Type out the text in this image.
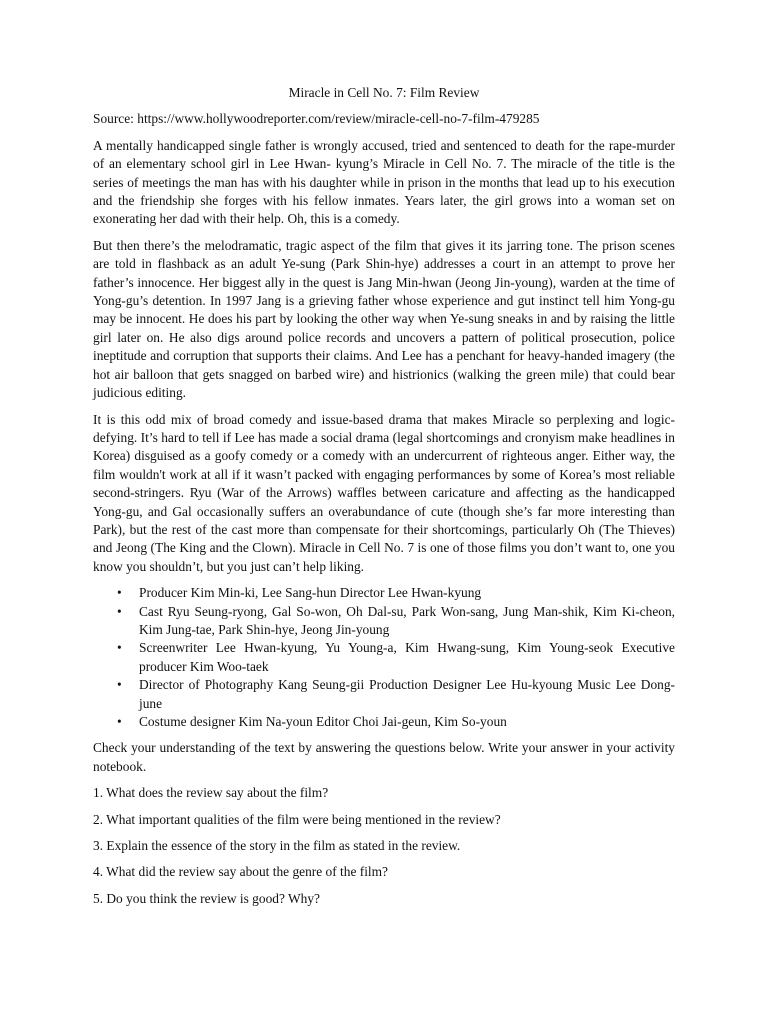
Miracle in Cell No. 7: Film Review
Source: https://www.hollywoodreporter.com/review/miracle-cell-no-7-film-479285

A mentally handicapped single father is wrongly accused, tried and sentenced to death for the rape-murder of an elementary school girl in Lee Hwan- kyung’s Miracle in Cell No. 7. The miracle of the title is the series of meetings the man has with his daughter while in prison in the months that lead up to his execution and the friendship she forges with his fellow inmates. Years later, the girl grows into a woman set on exonerating her dad with their help. Oh, this is a comedy.

But then there’s the melodramatic, tragic aspect of the film that gives it its jarring tone. The prison scenes are told in flashback as an adult Ye-sung (Park Shin-hye) addresses a court in an attempt to prove her father’s innocence. Her biggest ally in the quest is Jang Min-hwan (Jeong Jin-young), warden at the time of Yong-gu’s detention. In 1997 Jang is a grieving father whose experience and gut instinct tell him Yong-gu may be innocent. He does his part by looking the other way when Ye-sung sneaks in and by raising the little girl later on. He also digs around police records and uncovers a pattern of political prosecution, police ineptitude and corruption that supports their claims. And Lee has a penchant for heavy-handed imagery (the hot air balloon that gets snagged on barbed wire) and histrionics (walking the green mile) that could bear judicious editing.

It is this odd mix of broad comedy and issue-based drama that makes Miracle so perplexing and logic-defying. It’s hard to tell if Lee has made a social drama (legal shortcomings and cronyism make headlines in Korea) disguised as a goofy comedy or a comedy with an undercurrent of righteous anger. Either way, the film wouldn't work at all if it wasn’t packed with engaging performances by some of Korea’s most reliable second-stringers. Ryu (War of the Arrows) waffles between caricature and affecting as the handicapped Yong-gu, and Gal occasionally suffers an overabundance of cute (though she’s far more interesting than Park), but the rest of the cast more than compensate for their shortcomings, particularly Oh (The Thieves) and Jeong (The King and the Clown). Miracle in Cell No. 7 is one of those films you don’t want to, one you know you shouldn’t, but you just can’t help liking.

• Producer Kim Min-ki, Lee Sang-hun Director Lee Hwan-kyung
• Cast Ryu Seung-ryong, Gal So-won, Oh Dal-su, Park Won-sang, Jung Man-shik, Kim Ki-cheon, Kim Jung-tae, Park Shin-hye, Jeong Jin-young
• Screenwriter Lee Hwan-kyung, Yu Young-a, Kim Hwang-sung, Kim Young-seok Executive producer Kim Woo-taek
• Director of Photography Kang Seung-gii Production Designer Lee Hu-kyoung Music Lee Dong-june
• Costume designer Kim Na-youn Editor Choi Jai-geun, Kim So-youn

Check your understanding of the text by answering the questions below. Write your answer in your activity notebook.

1. What does the review say about the film?

2. What important qualities of the film were being mentioned in the review?

3. Explain the essence of the story in the film as stated in the review.

4. What did the review say about the genre of the film?

5. Do you think the review is good? Why?
